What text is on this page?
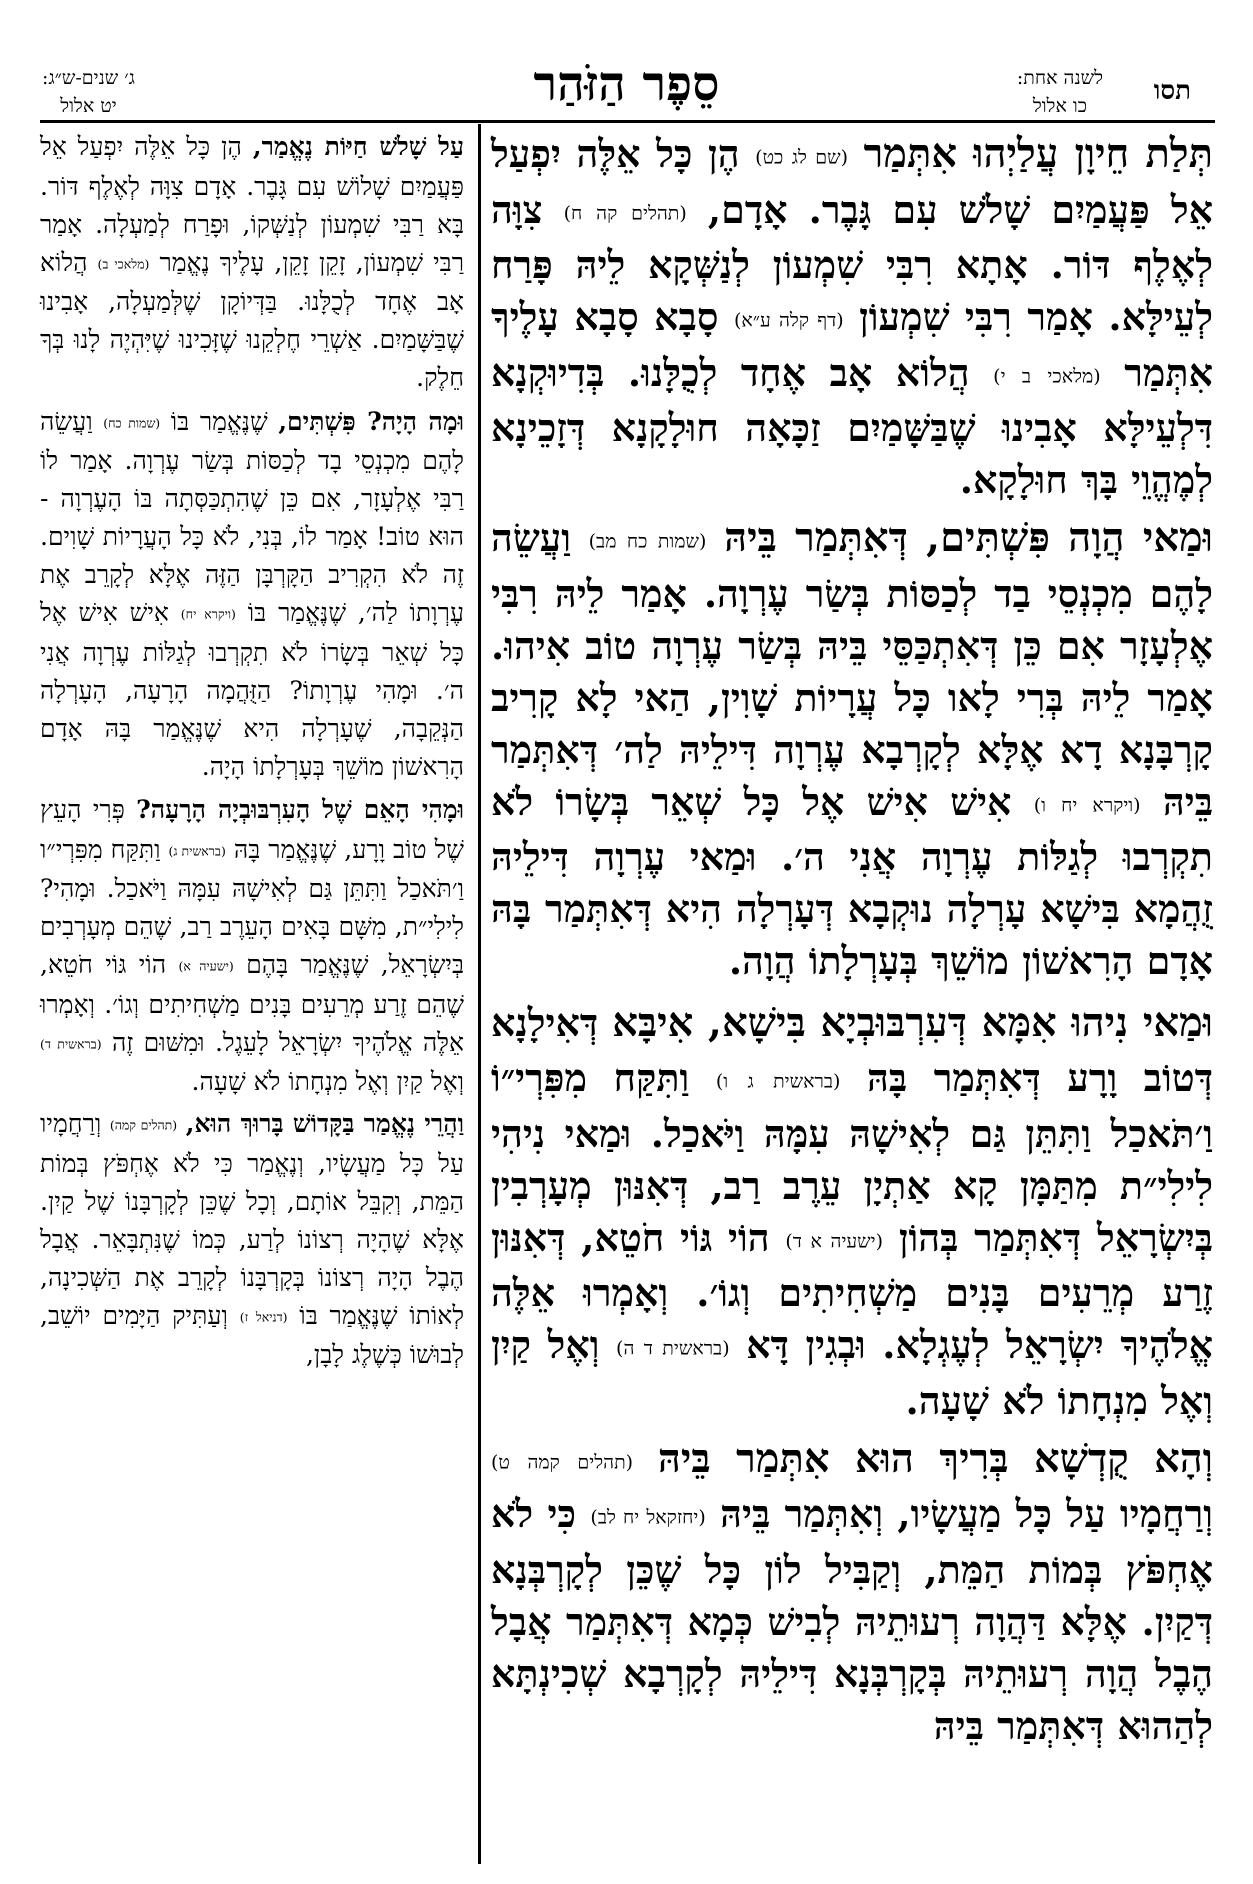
תסו
לשנה אחת:
כו אלול
סֵפֶר הַזֹּהַר
ג׳ שנים-ש״ג:
יט אלול

תְּלַת חֵיוָן עֲלַיְהוּ אִתְּמַר (שם לג כט) הֶן כָּל אֵלֶּה יִפְעַל אֵל פַּעֲמַיִם שָׁלֹשׁ עִם גָּבֶר. אָדָם, (תהלים קה ח) צִוָּה לְאֶלֶף דּוֹר. אָתָא רִבִּי שִׁמְעוֹן לְנַשְּׁקָא לֵיהּ פָּרַח לְעֵילָּא. אָמַר רִבִּי שִׁמְעוֹן (דף קלה ע״א) סָבָא סָבָא עָלֶיךָ אִתְּמַר (מלאכי ב י) הֲלוֹא אָב אֶחָד לְכֻלָּנוּ. בְּדִיוּקְנָא דִּלְעֵילָּא אָבִינוּ שֶׁבַּשָּׁמַיִם זַכָּאָה חוּלָקָנָא דְּזָכֵינָא לְמֶהֱוֵי בָּךְ חוּלָקָא.

וּמַאי הֲוָה פִּשְׁתִּים, דְּאִתְּמַר בֵּיהּ (שמות כח מב) וַעֲשֵׂה לָהֶם מִכְנְסֵי בַד לְכַסּוֹת בְּשַׂר עֶרְוָה. אָמַר לֵיהּ רִבִּי אֶלְעָזָר אִם כֵּן דְּאִתְכַּסֵּי בֵּיהּ בְּשַׂר עֶרְוָה טוֹב אִיהוּ. אָמַר לֵיהּ בְּרִי לָאו כָּל עֲרָיוֹת שָׁוִין, הַאי לָא קָרִיב קָרְבָּנָא דָא אֶלָּא לְקָרְבָא עֶרְוָה דִּילֵיהּ לַה׳ דְּאִתְּמַר בֵּיהּ (ויקרא יח ו) אִישׁ אִישׁ אֶל כָּל שְׁאֵר בְּשָׂרוֹ לֹא תִקְרְבוּ לְגַלּוֹת עֶרְוָה אֲנִי ה׳. וּמַאי עֶרְוָה דִּילֵיהּ זֻהֲמָא בִּישָׁא עָרְלָה נוּקְבָא דְּעָרְלָה הִיא דְּאִתְּמַר בָּהּ אָדָם הָרִאשׁוֹן מוֹשֵׁךְ בְּעָרְלָתוֹ הֲוָה.

וּמַאי נִיהוּ אִמָּא דְּעִרְבּוּבְיָא בִּישָׁא, אִיבָּא דְּאִילָנָא דְּטוֹב וָרָע דְּאִתְּמַר בָּהּ (בראשית ג ו) וַתִּקַּח מִפִּרְי״וֹ וַ׳תֹּאכַל וַתִּתֵּן גַּם לְאִישָׁהּ עִמָּהּ וַיֹּאכַל. וּמַאי נִיהִי לִילִי״ת מִתַּמָּן קָא אַתְיָן עֵרֶב רַב, דְּאִנּוּן מְעָרְבִין בְּיִשְׂרָאֵל דְּאִתְּמַר בְּהוֹן (ישעיה א ד) הוֹי גּוֹי חֹטֵא, דְּאִנּוּן זֶרַע מְרֵעִים בָּנִים מַשְׁחִיתִים וְגוֹ׳. וְאָמְרוּ אֵלֶּה אֱלֹהֶיךָ יִשְׂרָאֵל לְעֶגְלָא. וּבְגִין דָּא (בראשית ד ה) וְאֶל קַיִן וְאֶל מִנְחָתוֹ לֹא שָׁעָה.

וְהָא קֻדְשָׁא בְּרִיךְ הוּא אִתְּמַר בֵּיהּ (תהלים קמה ט) וְרַחֲמָיו עַל כָּל מַעֲשָׂיו, וְאִתְּמַר בֵּיהּ (יחזקאל יח לב) כִּי לֹא אֶחְפֹּץ בְּמוֹת הַמֵּת, וְקַבִּיל לוֹן כָּל שֶׁכֵּן לְקָרְבְּנָא דְּקַיִן. אֶלָּא דַּהֲוָה רְעוּתֵיהּ לְבִישׁ כְּמָא דְּאִתְּמַר אֲבָל הֶבֶל הֲוָה רְעוּתֵיהּ בְּקָרְבְּנָא דִּילֵיהּ לְקָרְבָא שְׁכִינְתָּא לְהַהוּא דְּאִתְּמַר בֵּיהּ

עַל שָׁלֹשׁ חַיּוֹת נֶאֱמַר, הֶן כָּל אֵלֶּה יִפְעַל אֵל פַּעֲמַיִם שָׁלוֹשׁ עִם גָּבֶר. אָדָם צִוָּה לְאֶלֶף דּוֹר. בָּא רַבִּי שִׁמְעוֹן לְנַשְּׁקוֹ, וּפָרַח לְמַעְלָה. אָמַר רַבִּי שִׁמְעוֹן, זָקֵן זָקֵן, עָלֶיךָ נֶאֱמַר (מלאכי ב) הֲלוֹא אָב אֶחָד לְכֻלָּנוּ. בַּדְּיוֹקָן שֶׁלְּמַעְלָה, אָבִינוּ שֶׁבַּשָּׁמַיִם. אַשְׁרֵי חֶלְקֵנוּ שֶׁזָּכִינוּ שֶׁיִּהְיֶה לָנוּ בְּךָ חֵלֶק.

וּמָה הָיָה? פִּשְׁתִּים, שֶׁנֶּאֱמַר בּוֹ (שמות כח) וַעֲשֵׂה לָהֶם מִכְנְסֵי בָד לְכַסּוֹת בְּשַׂר עֶרְוָה. אָמַר לוֹ רַבִּי אֶלְעָזָר, אִם כֵּן שֶׁהִתְכַּסְּתָה בּוֹ הָעֶרְוָה - הוּא טוֹב! אָמַר לוֹ, בְּנִי, לֹא כָּל הָעֲרָיוֹת שָׁוִים. זֶה לֹא הִקְרִיב הַקָּרְבָּן הַזֶּה אֶלָּא לְקָרֵב אֶת עֶרְוָתוֹ לַה׳, שֶׁנֶּאֱמַר בּוֹ (ויקרא יח) אִישׁ אִישׁ אֶל כָּל שְׁאֵר בְּשָׂרוֹ לֹא תִקְרְבוּ לְגַלּוֹת עֶרְוָה אֲנִי ה׳. וּמָהִי עֶרְוָתוֹ? הַזֻּהֲמָה הָרָעָה, הָעָרְלָה הַנְּקֵבָה, שֶׁעָרְלָה הִיא שֶׁנֶּאֱמַר בָּהּ אָדָם הָרִאשׁוֹן מוֹשֵׁךְ בְּעָרְלָתוֹ הָיָה.

וּמָהִי הָאֵם שֶׁל הָעִרְבּוּבְיָה הָרָעָה? פְּרִי הָעֵץ שֶׁל טוֹב וָרָע, שֶׁנֶּאֱמַר בָּהּ (בראשית ג) וַתִּקַּח מִפִּרְי״ו וַ׳תֹּאכַל וַתִּתֵּן גַּם לְאִישָׁהּ עִמָּהּ וַיֹּאכַל. וּמָהִי? לִילִי״ת, מִשָּׁם בָּאִים הָעֵרֶב רַב, שֶׁהֵם מְעָרְבִים בְּיִשְׂרָאֵל, שֶׁנֶּאֱמַר בָּהֶם (ישעיה א) הוֹי גּוֹי חֹטֵא, שֶׁהֵם זֶרַע מְרֵעִים בָּנִים מַשְׁחִיתִים וְגוֹ׳. וְאָמְרוּ אֵלֶּה אֱלֹהֶיךָ יִשְׂרָאֵל לָעֵגֶל. וּמִשּׁוּם זֶה (בראשית ד) וְאֶל קַיִן וְאֶל מִנְחָתוֹ לֹא שָׁעָה.

וַהֲרֵי נֶאֱמַר בַּקָּדוֹשׁ בָּרוּךְ הוּא, (תהלים קמה) וְרַחֲמָיו עַל כָּל מַעֲשָׂיו, וְנֶאֱמַר כִּי לֹא אֶחְפֹּץ בְּמוֹת הַמֵּת, וְקִבֵּל אוֹתָם, וְכָל שֶׁכֵּן לְקָרְבָּנוֹ שֶׁל קַיִן. אֶלָּא שֶׁהָיָה רְצוֹנוֹ לְרַע, כְּמוֹ שֶׁנִּתְבָּאֵר. אֲבָל הֶבֶל הָיָה רְצוֹנוֹ בְּקָרְבָּנוֹ לְקָרֵב אֶת הַשְּׁכִינָה, לְאוֹתוֹ שֶׁנֶּאֱמַר בּוֹ (דניאל ז) וְעַתִּיק הַיָּמִים יוֹשֵׁב, לְבוּשׁוֹ כְּשֶׁלֶג לָבָן,
